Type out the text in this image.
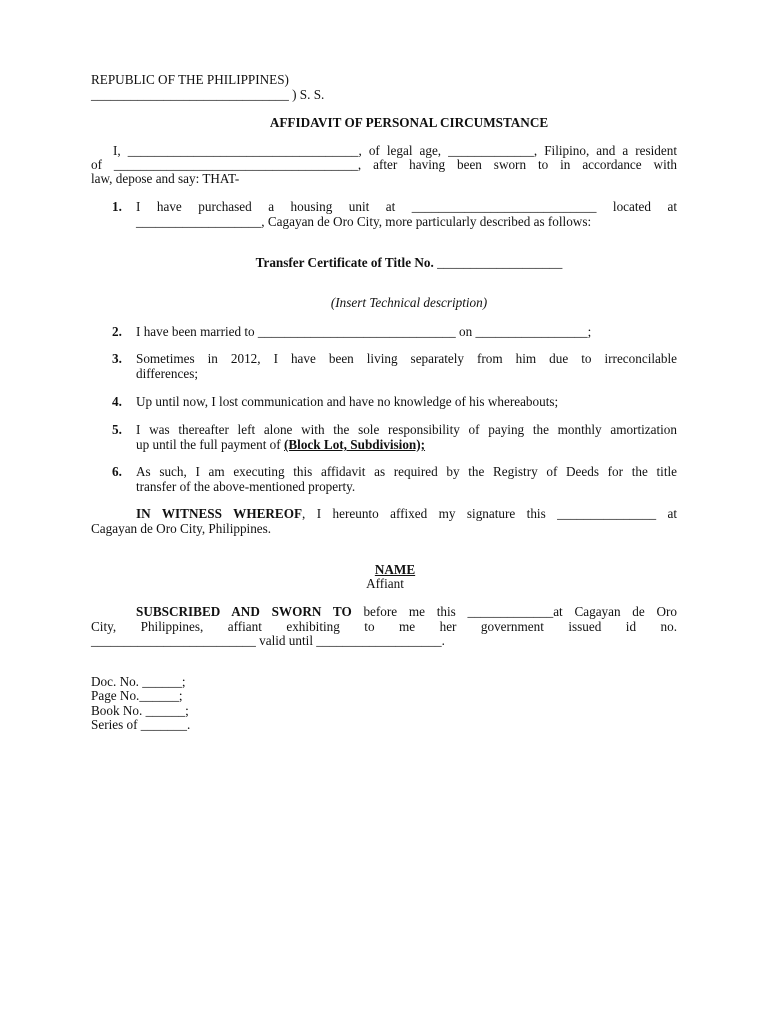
REPUBLIC OF THE PHILIPPINES)
______________________________ ) S. S.
AFFIDAVIT OF PERSONAL CIRCUMSTANCE
I, ___________________________________, of legal age, _____________, Filipino, and a resident
of _____________________________________, after having been sworn to in accordance with
law, depose and say: THAT-
1. I have purchased a housing unit at ____________________________ located at
___________________, Cagayan de Oro City, more particularly described as follows:
Transfer Certificate of Title No. ___________________
(Insert Technical description)
2. I have been married to ______________________________ on _________________;
3. Sometimes in 2012, I have been living separately from him due to irreconcilable
differences;
4. Up until now, I lost communication and have no knowledge of his whereabouts;
5. I was thereafter left alone with the sole responsibility of paying the monthly amortization
up until the full payment of (Block Lot, Subdivision);
6. As such, I am executing this affidavit as required by the Registry of Deeds for the title
transfer of the above-mentioned property.
IN WITNESS WHEREOF, I hereunto affixed my signature this _______________ at
Cagayan de Oro City, Philippines.
NAME
Affiant
SUBSCRIBED AND SWORN TO before me this _____________at Cagayan de Oro
City, Philippines, affiant exhibiting to me her government issued id no.
_________________________ valid until ___________________.
Doc. No. ______;
Page No.______;
Book No. ______;
Series of _______.
